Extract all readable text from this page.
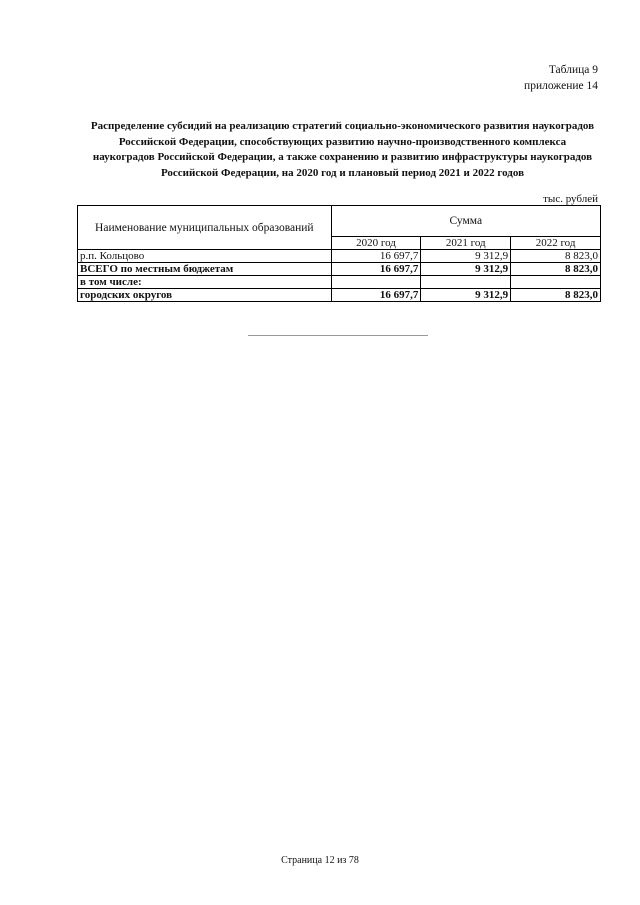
Таблица 9
приложение 14
Распределение субсидий на реализацию стратегий социально-экономического развития наукоградов
Российской Федерации, способствующих развитию научно-производственного комплекса
наукоградов Российской Федерации, а также сохранению и развитию инфраструктуры наукоградов
Российской Федерации, на 2020 год и плановый период 2021 и 2022 годов
тыс. рублей
Наименование муниципальных образований	Сумма		
	2020 год	2021 год	2022 год
р.п. Кольцово	16 697,7	9 312,9	8 823,0
ВСЕГО по местным бюджетам	16 697,7	9 312,9	8 823,0
в том числе:			
городских округов	16 697,7	9 312,9	8 823,0
Страница 12 из 78
